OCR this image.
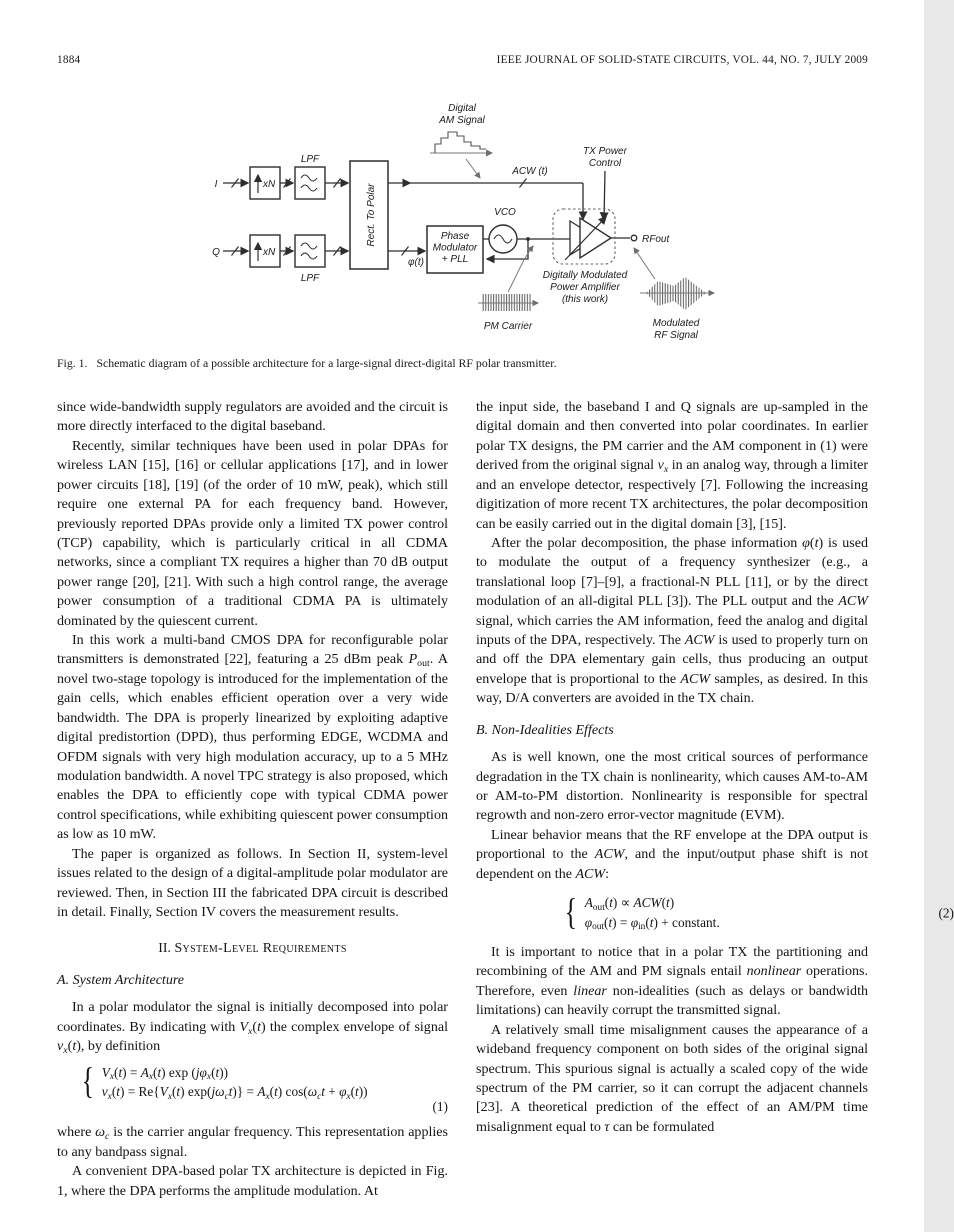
1884	IEEE JOURNAL OF SOLID-STATE CIRCUITS, VOL. 44, NO. 7, JULY 2009
I
Q
xN
xN
LPF
LPF
Rect. To Polar
φ(t)
Digital
AM Signal
ACW (t)
TX Power
Control
Phase
Modulator
+ PLL
VCO
Digitally Modulated
Power Amplifier
(this work)
RFout
PM Carrier	Modulated
RF Signal
Fig. 1. Schematic diagram of a possible architecture for a large-signal direct-digital RF polar transmitter.

since wide-bandwidth supply regulators are avoided and the circuit is more directly interfaced to the digital baseband.

Recently, similar techniques have been used in polar DPAs for wireless LAN [15], [16] or cellular applications [17], and in lower power circuits [18], [19] (of the order of 10 mW, peak), which still require one external PA for each frequency band. However, previously reported DPAs provide only a limited TX power control (TCP) capability, which is particularly critical in all CDMA networks, since a compliant TX requires a higher than 70 dB output power range [20], [21]. With such a high control range, the average power consumption of a traditional CDMA PA is ultimately dominated by the quiescent current.

In this work a multi-band CMOS DPA for reconfigurable polar transmitters is demonstrated [22], featuring a 25 dBm peak $P_{out}$. A novel two-stage topology is introduced for the implementation of the gain cells, which enables efficient operation over a very wide bandwidth. The DPA is properly linearized by exploiting adaptive digital predistortion (DPD), thus performing EDGE, WCDMA and OFDM signals with very high modulation accuracy, up to a 5 MHz modulation bandwidth. A novel TPC strategy is also proposed, which enables the DPA to efficiently cope with typical CDMA power control specifications, while exhibiting quiescent power consumption as low as 10 mW.

The paper is organized as follows. In Section II, system-level issues related to the design of a digital-amplitude polar modulator are reviewed. Then, in Section III the fabricated DPA circuit is described in detail. Finally, Section IV covers the measurement results.

II. System-Level Requirements
A. System Architecture

In a polar modulator the signal is initially decomposed into polar coordinates. By indicating with $V_x(t)$ the complex envelope of signal $v_x(t)$, by definition

{ $V_x(t) = A_x(t)$ $\exp (j\varphi_x(t))$
$v_x(t) = Re\{V_x(t) \exp(j\omega_ct)\} = A_x(t) \cos(\omega_ct + \varphi_x(t))$
(1)

where $\omega_c$ is the carrier angular frequency. This representation applies to any bandpass signal.

A convenient DPA-based polar TX architecture is depicted in Fig. 1, where the DPA performs the amplitude modulation. At

the input side, the baseband I and Q signals are up-sampled in the digital domain and then converted into polar coordinates. In earlier polar TX designs, the PM carrier and the AM component in (1) were derived from the original signal $v_x$ in an analog way, through a limiter and an envelope detector, respectively [7]. Following the increasing digitization of more recent TX architectures, the polar decomposition can be easily carried out in the digital domain [3], [15].

After the polar decomposition, the phase information φ(t) is used to modulate the output of a frequency synthesizer (e.g., a translational loop [7]–[9], a fractional-N PLL [11], or by the direct modulation of an all-digital PLL [3]). The PLL output and the ACW signal, which carries the AM information, feed the analog and digital inputs of the DPA, respectively. The ACW is used to properly turn on and off the DPA elementary gain cells, thus producing an output envelope that is proportional to the ACW samples, as desired. In this way, D/A converters are avoided in the TX chain.

B. Non-Idealities Effects

As is well known, one the most critical sources of performance degradation in the TX chain is nonlinearity, which causes AM-to-AM or AM-to-PM distortion. Nonlinearity is responsible for spectral regrowth and non-zero error-vector magnitude (EVM).

Linear behavior means that the RF envelope at the DPA output is proportional to the ACW, and the input/output phase shift is not dependent on the ACW:

{ $A_{out}(t) \propto ACW(t)$
$\varphi_{out}(t) = \varphi_{in}(t)$ + constant.
(2)

It is important to notice that in a polar TX the partitioning and recombining of the AM and PM signals entail nonlinear operations. Therefore, even linear non-idealities (such as delays or bandwidth limitations) can heavily corrupt the transmitted signal.

A relatively small time misalignment causes the appearance of a wideband frequency component on both sides of the original signal spectrum. This spurious signal is actually a scaled copy of the wide spectrum of the PM carrier, so it can corrupt the adjacent channels [23]. A theoretical prediction of the effect of an AM/PM time misalignment equal to τ can be formulated
